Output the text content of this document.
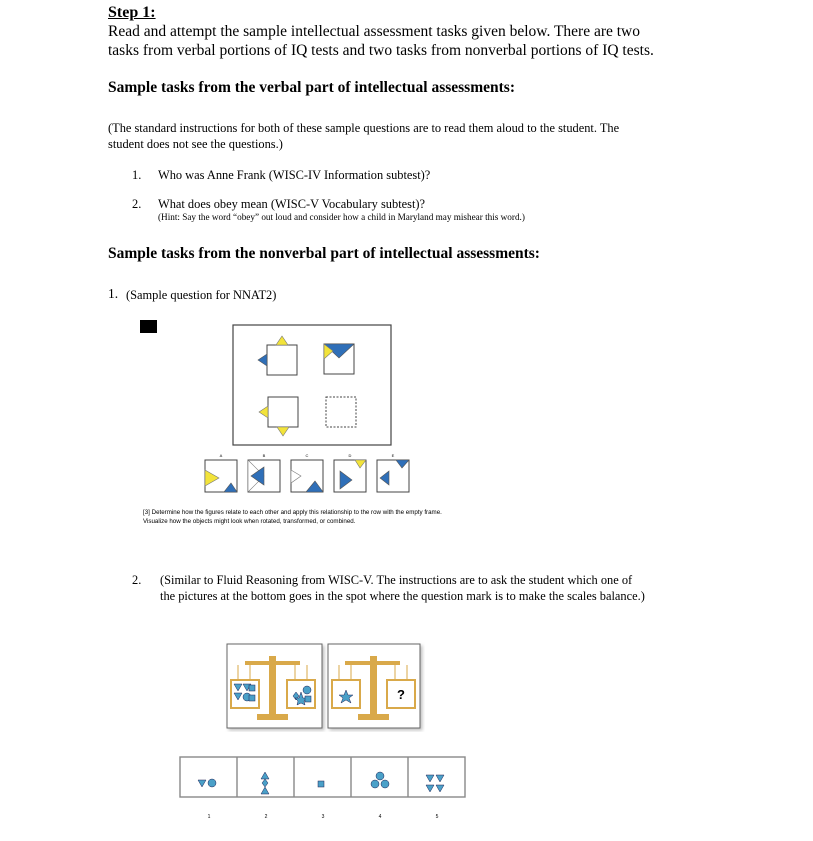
Step 1:
Read and attempt the sample intellectual assessment tasks given below. There are two
tasks from verbal portions of IQ tests and two tasks from nonverbal portions of IQ tests.
Sample tasks from the verbal part of intellectual assessments:
(The standard instructions for both of these sample questions are to read them aloud to the student. The
student does not see the questions.)
1. Who was Anne Frank (WISC-IV Information subtest)?
2. What does obey mean (WISC-V Vocabulary subtest)?
(Hint: Say the word “obey” out loud and consider how a child in Maryland may mishear this word.)
Sample tasks from the nonverbal part of intellectual assessments:
1. (Sample question for NNAT2)
A	B	C	D	E
[3] Determine how the figures relate to each other and apply this relationship to the row with the empty frame.
Visualize how the objects might look when rotated, transformed, or combined.
2. (Similar to Fluid Reasoning from WISC-V. The instructions are to ask the student which one of
the pictures at the bottom goes in the spot where the question mark is to make the scales balance.)
?
1	2	3	4	5
